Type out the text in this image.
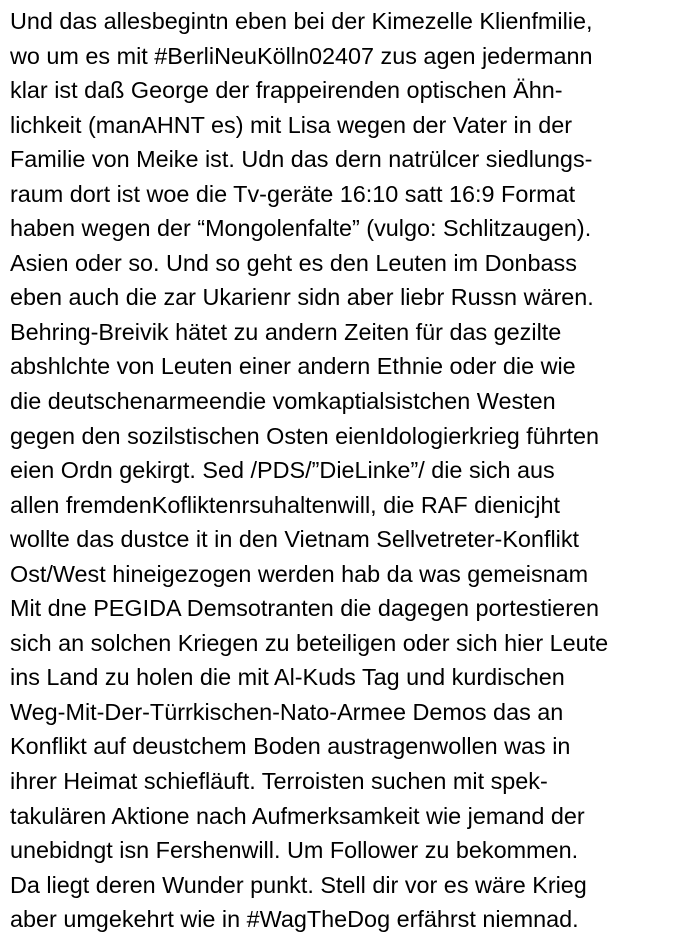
Und das allesbegintn eben bei der Kimezelle Klienfmilie,
wo um es mit #BerliNeuKölln02407 zus agen jedermann
klar ist daß George der frappeirenden optischen Ähn-
lichkeit (manAHNT es) mit Lisa wegen der Vater in der
Familie von Meike ist. Udn das dern natrülcer siedlungs-
raum dort ist woe die Tv-geräte 16:10 satt 16:9 Format
haben wegen der “Mongolenfalte” (vulgo: Schlitzaugen).
Asien oder so. Und so geht es den Leuten im Donbass
eben auch die zar Ukarienr sidn aber liebr Russn wären.
Behring-Breivik hätet zu andern Zeiten für das gezilte
abshlchte von Leuten einer andern Ethnie oder die wie
die deutschenarmeendie vomkaptialsistchen Westen
gegen den sozilstischen Osten eienIdologierkrieg führten
eien Ordn gekirgt. Sed /PDS/”DieLinke”/ die sich aus
allen fremdenKofliktenrsuhaltenwill, die RAF dienicjht
wollte das dustce it in den Vietnam Sellvetreter-Konflikt
Ost/West hineigezogen werden hab da was gemeisnam
Mit dne PEGIDA Demsotranten die dagegen portestieren
sich an solchen Kriegen zu beteiligen oder sich hier Leute
ins Land zu holen die mit Al-Kuds Tag und kurdischen
Weg-Mit-Der-Türrkischen-Nato-Armee Demos das an
Konflikt auf deustchem Boden austragenwollen was in
ihrer Heimat schiefläuft. Terroisten suchen mit spek-
takulären Aktione nach Aufmerksamkeit wie jemand der
unebidngt isn Fershenwill. Um Follower zu bekommen.
Da liegt deren Wunder punkt. Stell dir vor es wäre Krieg
aber umgekehrt wie in #WagTheDog erfährst niemnad.
